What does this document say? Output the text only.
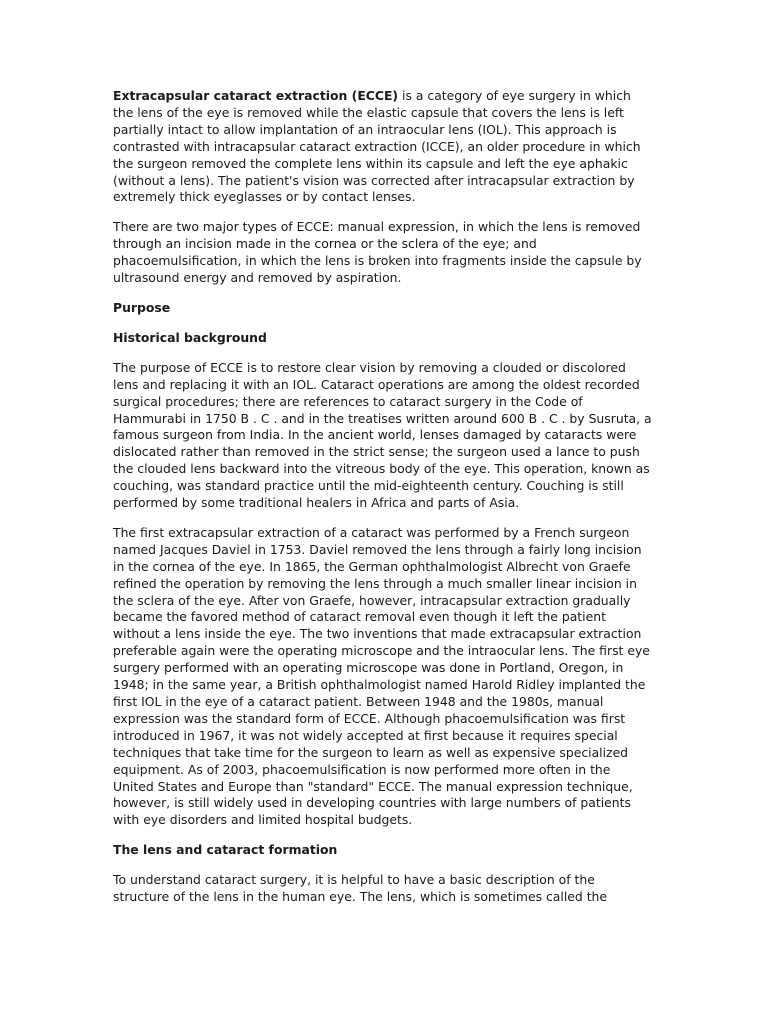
Extracapsular cataract extraction (ECCE) is a category of eye surgery in which the lens of the eye is removed while the elastic capsule that covers the lens is left partially intact to allow implantation of an intraocular lens (IOL). This approach is contrasted with intracapsular cataract extraction (ICCE), an older procedure in which the surgeon removed the complete lens within its capsule and left the eye aphakic (without a lens). The patient's vision was corrected after intracapsular extraction by extremely thick eyeglasses or by contact lenses.

There are two major types of ECCE: manual expression, in which the lens is removed through an incision made in the cornea or the sclera of the eye; and phacoemulsification, in which the lens is broken into fragments inside the capsule by ultrasound energy and removed by aspiration.

Purpose

Historical background

The purpose of ECCE is to restore clear vision by removing a clouded or discolored lens and replacing it with an IOL. Cataract operations are among the oldest recorded surgical procedures; there are references to cataract surgery in the Code of Hammurabi in 1750 B . C . and in the treatises written around 600 B . C . by Susruta, a famous surgeon from India. In the ancient world, lenses damaged by cataracts were dislocated rather than removed in the strict sense; the surgeon used a lance to push the clouded lens backward into the vitreous body of the eye. This operation, known as couching, was standard practice until the mid-eighteenth century. Couching is still performed by some traditional healers in Africa and parts of Asia.

The first extracapsular extraction of a cataract was performed by a French surgeon named Jacques Daviel in 1753. Daviel removed the lens through a fairly long incision in the cornea of the eye. In 1865, the German ophthalmologist Albrecht von Graefe refined the operation by removing the lens through a much smaller linear incision in the sclera of the eye. After von Graefe, however, intracapsular extraction gradually became the favored method of cataract removal even though it left the patient without a lens inside the eye. The two inventions that made extracapsular extraction preferable again were the operating microscope and the intraocular lens. The first eye surgery performed with an operating microscope was done in Portland, Oregon, in 1948; in the same year, a British ophthalmologist named Harold Ridley implanted the first IOL in the eye of a cataract patient. Between 1948 and the 1980s, manual expression was the standard form of ECCE. Although phacoemulsification was first introduced in 1967, it was not widely accepted at first because it requires special techniques that take time for the surgeon to learn as well as expensive specialized equipment. As of 2003, phacoemulsification is now performed more often in the United States and Europe than "standard" ECCE. The manual expression technique, however, is still widely used in developing countries with large numbers of patients with eye disorders and limited hospital budgets.

The lens and cataract formation

To understand cataract surgery, it is helpful to have a basic description of the structure of the lens in the human eye. The lens, which is sometimes called the
